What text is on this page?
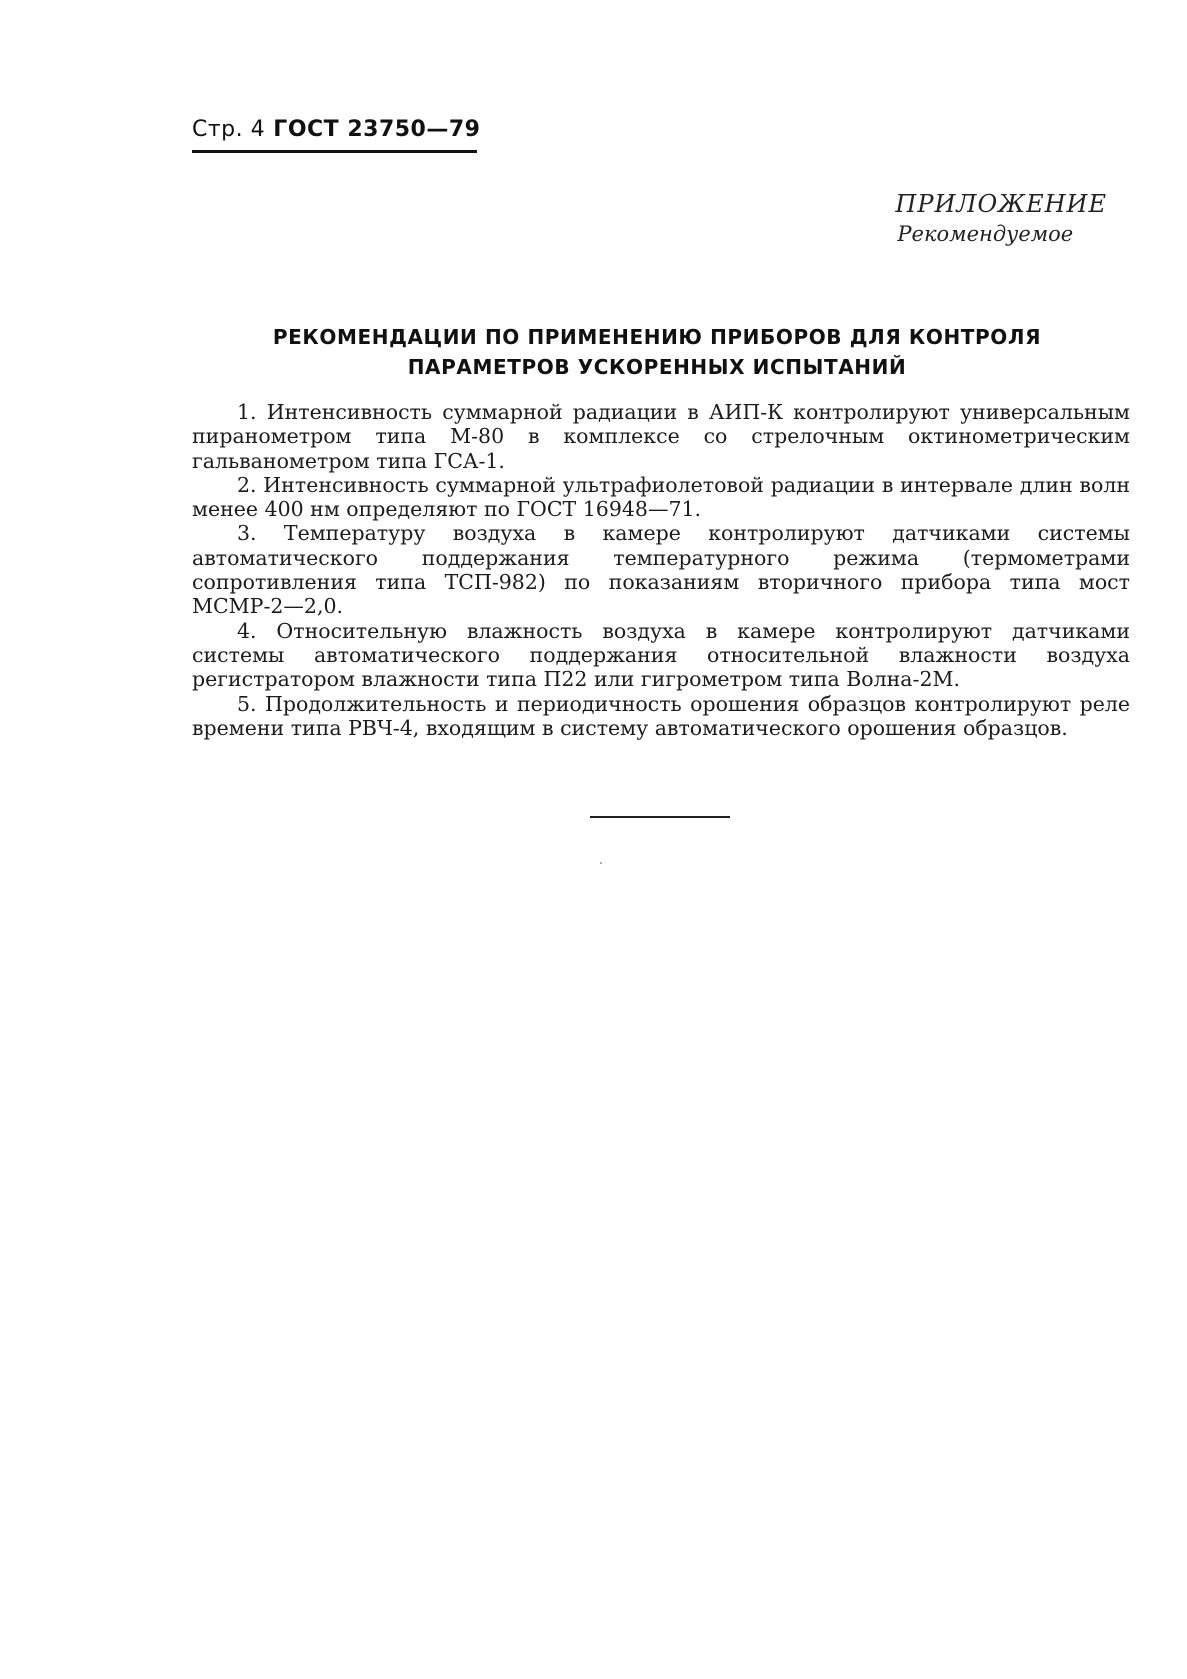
Стр. 4 ГОСТ 23750—79
ПРИЛОЖЕНИЕ
Рекомендуемое
РЕКОМЕНДАЦИИ ПО ПРИМЕНЕНИЮ ПРИБОРОВ ДЛЯ КОНТРОЛЯ
ПАРАМЕТРОВ УСКОРЕННЫХ ИСПЫТАНИЙ

1. Интенсивность суммарной радиации в АИП-К контролируют универсальным пиранометром типа М-80 в комплексе со стрелочным октинометрическим гальванометром типа ГСА-1.

2. Интенсивность суммарной ультрафиолетовой радиации в интервале длин волн менее 400 нм определяют по ГОСТ 16948—71.

3. Температуру воздуха в камере контролируют датчиками системы автоматического поддержания температурного режима (термометрами сопротивления типа ТСП-982) по показаниям вторичного прибора типа мост МСМР-2—2,0.

4. Относительную влажность воздуха в камере контролируют датчиками системы автоматического поддержания относительной влажности воздуха регистратором влажности типа П22 или гигрометром типа Волна-2М.

5. Продолжительность и периодичность орошения образцов контролируют реле времени типа РВЧ-4, входящим в систему автоматического орошения образцов.
